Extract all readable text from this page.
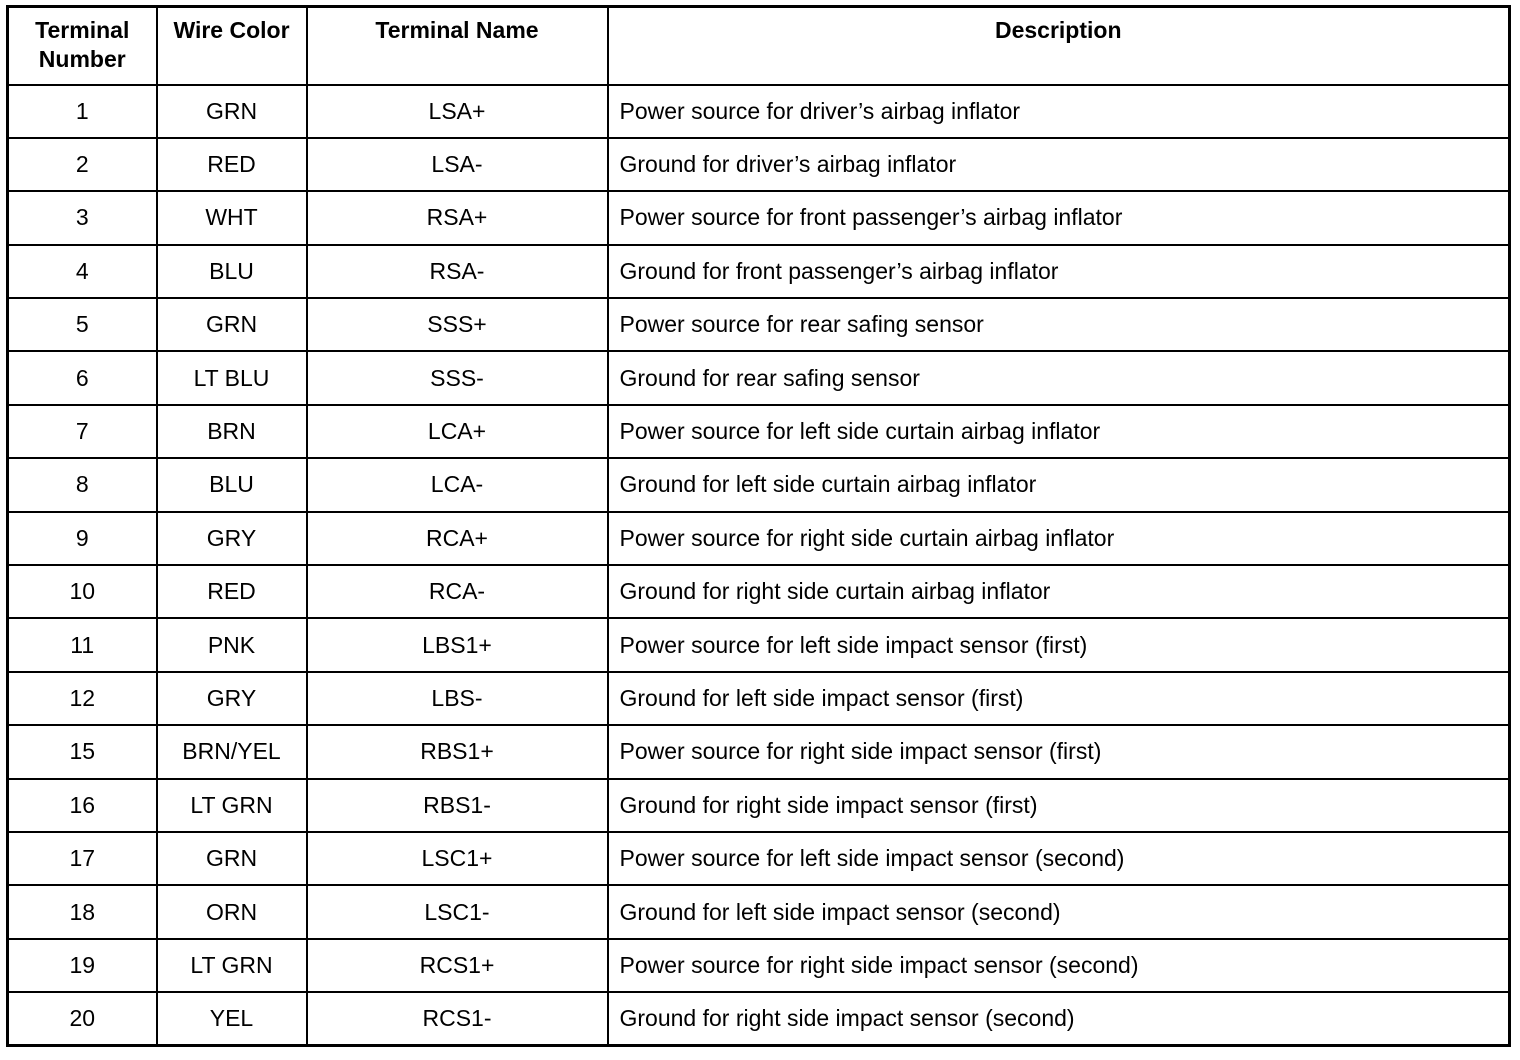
Terminal
Number	Wire Color	Terminal Name	Description
1	GRN	LSA+	Power source for driver’s airbag inflator
2	RED	LSA-	Ground for driver’s airbag inflator
3	WHT	RSA+	Power source for front passenger’s airbag inflator
4	BLU	RSA-	Ground for front passenger’s airbag inflator
5	GRN	SSS+	Power source for rear safing sensor
6	LT BLU	SSS-	Ground for rear safing sensor
7	BRN	LCA+	Power source for left side curtain airbag inflator
8	BLU	LCA-	Ground for left side curtain airbag inflator
9	GRY	RCA+	Power source for right side curtain airbag inflator
10	RED	RCA-	Ground for right side curtain airbag inflator
11	PNK	LBS1+	Power source for left side impact sensor (first)
12	GRY	LBS-	Ground for left side impact sensor (first)
15	BRN/YEL	RBS1+	Power source for right side impact sensor (first)
16	LT GRN	RBS1-	Ground for right side impact sensor (first)
17	GRN	LSC1+	Power source for left side impact sensor (second)
18	ORN	LSC1-	Ground for left side impact sensor (second)
19	LT GRN	RCS1+	Power source for right side impact sensor (second)
20	YEL	RCS1-	Ground for right side impact sensor (second)
